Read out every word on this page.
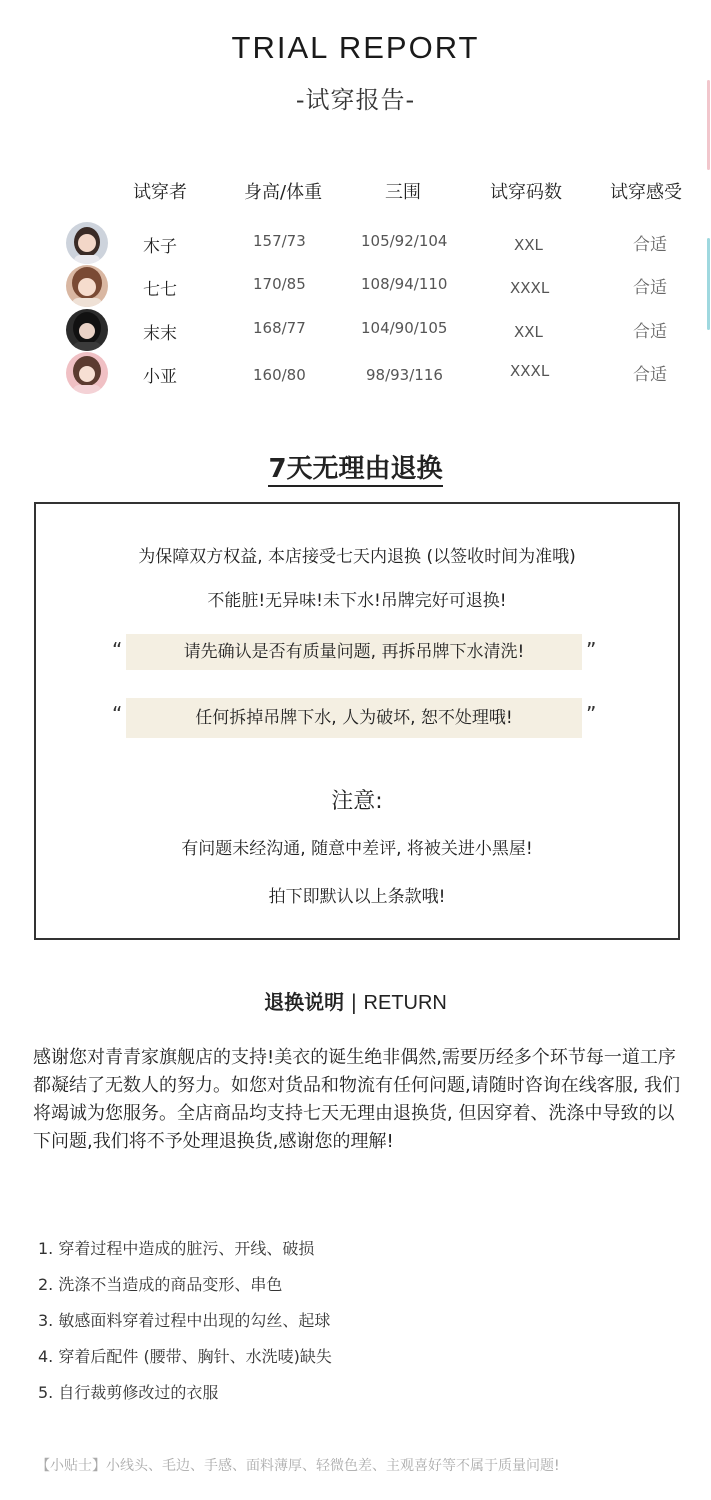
TRIAL REPORT
-试穿报告-
试穿者	身高/体重	三围	试穿码数	试穿感受
木子	157/73	105/92/104	XXL	合适
七七	170/85	108/94/110	XXXL	合适
末末	168/77	104/90/105	XXL	合适
小亚	160/80	98/93/116	XXXL	合适
7天无理由退换
为保障双方权益, 本店接受七天内退换 (以签收时间为准哦)
不能脏!无异味!未下水!吊牌完好可退换!
“	请先确认是否有质量问题, 再拆吊牌下水清洗!	”
“	任何拆掉吊牌下水, 人为破坏, 恕不处理哦!	”
注意:
有问题未经沟通, 随意中差评, 将被关进小黑屋!
拍下即默认以上条款哦!
退换说明 | RETURN
感谢您对青青家旗舰店的支持!美衣的诞生绝非偶然,需要历经多个环节每一道工序都凝结了无数人的努力。如您对货品和物流有任何问题,请随时咨询在线客服, 我们将竭诚为您服务。全店商品均支持七天无理由退换货, 但因穿着、洗涤中导致的以下问题,我们将不予处理退换货,感谢您的理解!
1. 穿着过程中造成的脏污、开线、破损
2. 洗涤不当造成的商品变形、串色
3. 敏感面料穿着过程中出现的勾丝、起球
4. 穿着后配件 (腰带、胸针、水洗唛)缺失
5. 自行裁剪修改过的衣服
【小贴士】小线头、毛边、手感、面料薄厚、轻微色差、主观喜好等不属于质量问题!
